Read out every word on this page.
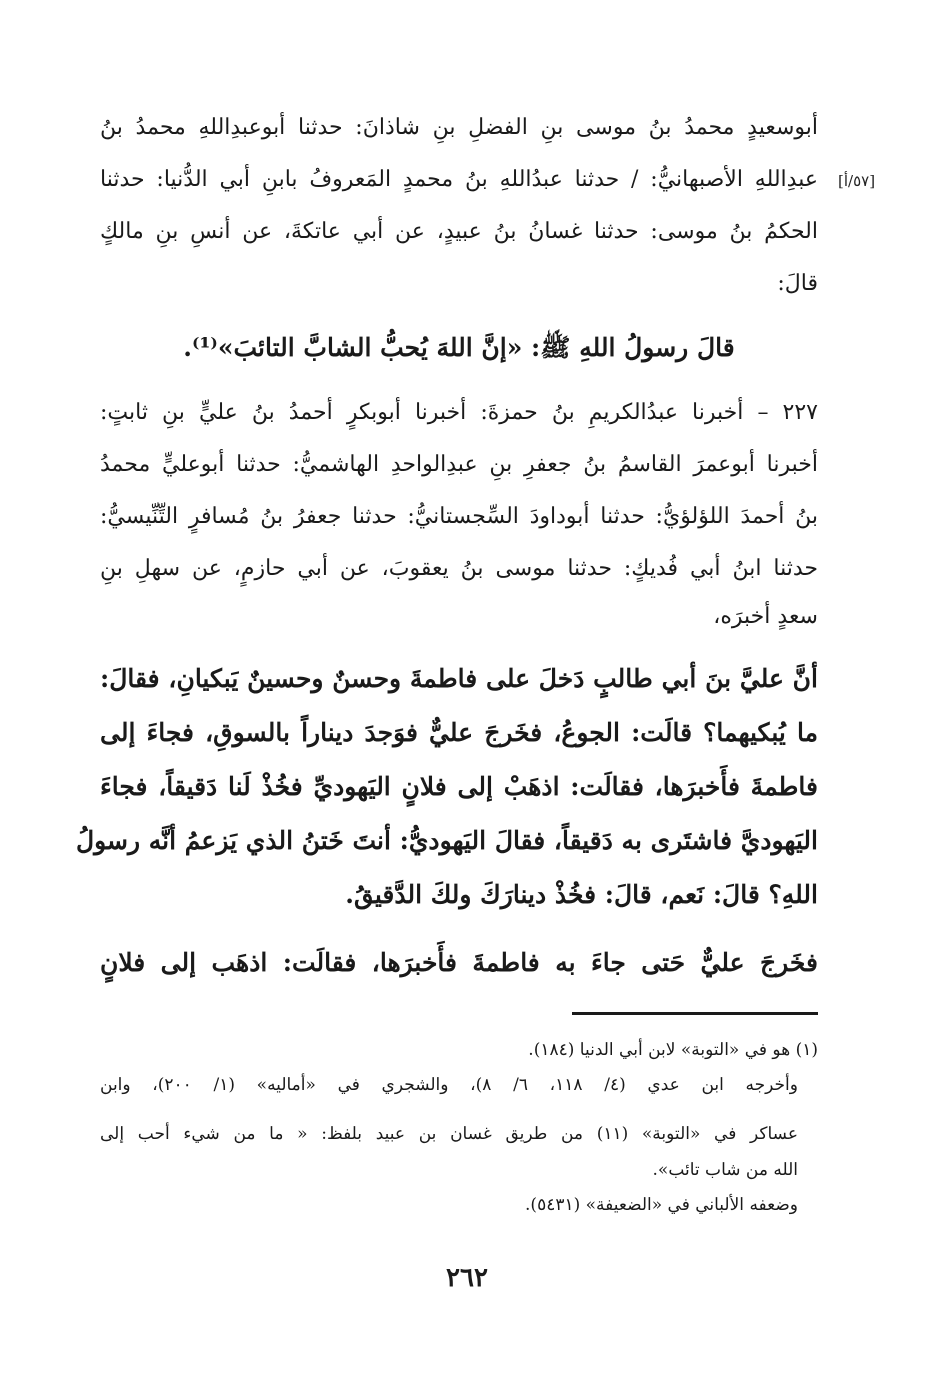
[٥٧/أ]
أبوسعيدٍ محمدُ بنُ موسى بنِ الفضلِ بنِ شاذانَ: حدثنا أبوعبدِاللهِ محمدُ بنُ
عبدِاللهِ الأصبهانيُّ: / حدثنا عبدُاللهِ بنُ محمدٍ المَعروفُ بابنِ أبي الدُّنيا: حدثنا
الحكمُ بنُ موسى: حدثنا غسانُ بنُ عبيدٍ، عن أبي عاتكةَ، عن أنسِ بنِ مالكٍ
قالَ:
قالَ رسولُ اللهِ ﷺ: «إنَّ اللهَ يُحبُّ الشابَّ التائبَ»⁽¹⁾.
٢٢٧ – أخبرنا عبدُالكريمِ بنُ حمزةَ: أخبرنا أبوبكرٍ أحمدُ بنُ عليٍّ بنِ ثابتٍ:
أخبرنا أبوعمرَ القاسمُ بنُ جعفرِ بنِ عبدِالواحدِ الهاشميُّ: حدثنا أبوعليٍّ محمدُ
بنُ أحمدَ اللؤلؤيُّ: حدثنا أبوداودَ السِّجستانيُّ: حدثنا جعفرُ بنُ مُسافرٍ التِّنِّيسيُّ:
حدثنا ابنُ أبي فُديكٍ: حدثنا موسى بنُ يعقوبَ، عن أبي حازمٍ، عن سهلِ بنِ
سعدٍ أخبرَه،
أنَّ عليَّ بنَ أبي طالبٍ دَخلَ على فاطمةَ وحسنٌ وحسينٌ يَبكيانِ، فقالَ:
ما يُبكيهما؟ قالَت: الجوعُ، فخَرجَ عليٌّ فوَجدَ ديناراً بالسوقِ، فجاءَ إلى
فاطمةَ فأَخبرَها، فقالَت: اذهَبْ إلى فلانٍ اليَهوديِّ فخُذْ لَنا دَقيقاً، فجاءَ
اليَهوديَّ فاشتَرى به دَقيقاً، فقالَ اليَهوديُّ: أنتَ خَتنُ الذي يَزعمُ أنَّه رسولُ
اللهِ؟ قالَ: نَعم، قالَ: فخُذْ دينارَكَ ولكَ الدَّقيقُ.
فخَرجَ عليٌّ حَتى جاءَ به فاطمةَ فأَخبرَها، فقالَت: اذهَب إلى فلانٍ
(١) هو في «التوبة» لابن أبي الدنيا (١٨٤).
وأخرجه ابن عدي (٤/ ١١٨، ٦/ ٨)، والشجري في «أماليه» (١/ ٢٠٠)، وابن
عساكر في «التوبة» (١١) من طريق غسان بن عبيد بلفظ: « ما من شيء أحب إلى
الله من شاب تائب».
وضعفه الألباني في «الضعيفة» (٥٤٣١).
٢٦٢
